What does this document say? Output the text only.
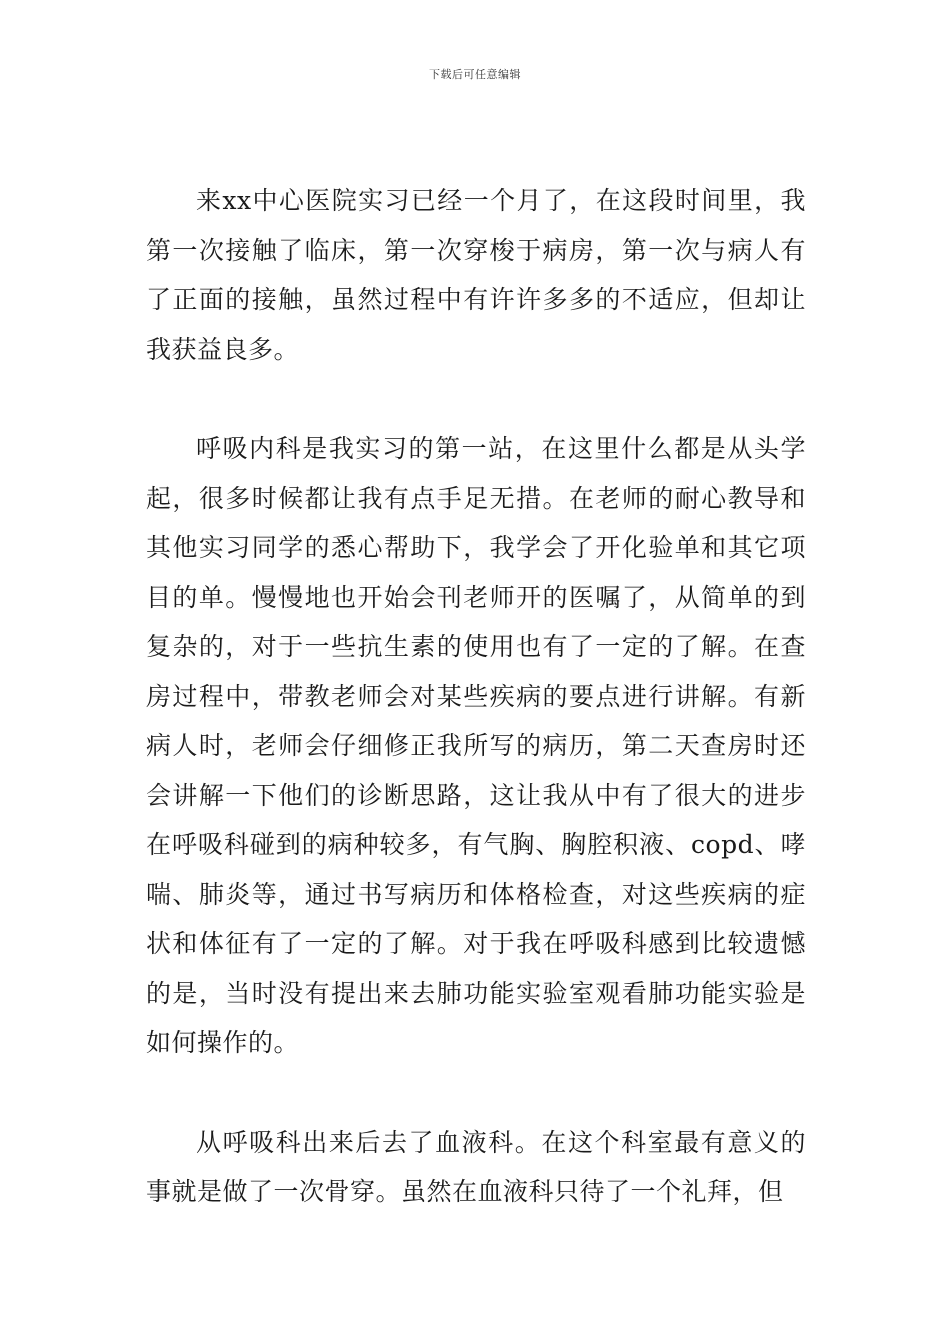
下载后可任意编辑

来xx中心医院实习已经一个月了，在这段时间里，我第一次接触了临床，第一次穿梭于病房，第一次与病人有了正面的接触，虽然过程中有许许多多的不适应，但却让我获益良多。

呼吸内科是我实习的第一站，在这里什么都是从头学起，很多时候都让我有点手足无措。在老师的耐心教导和其他实习同学的悉心帮助下，我学会了开化验单和其它项目的单。慢慢地也开始会刊老师开的医嘱了，从简单的到复杂的，对于一些抗生素的使用也有了一定的了解。在查房过程中，带教老师会对某些疾病的要点进行讲解。有新病人时，老师会仔细修正我所写的病历，第二天查房时还会讲解一下他们的诊断思路，这让我从中有了很大的进步在呼吸科碰到的病种较多，有气胸、胸腔积液、copd、哮喘、肺炎等，通过书写病历和体格检查，对这些疾病的症状和体征有了一定的了解。对于我在呼吸科感到比较遗憾的是，当时没有提出来去肺功能实验室观看肺功能实验是如何操作的。

从呼吸科出来后去了血液科。在这个科室最有意义的事就是做了一次骨穿。虽然在血液科只待了一个礼拜，但
